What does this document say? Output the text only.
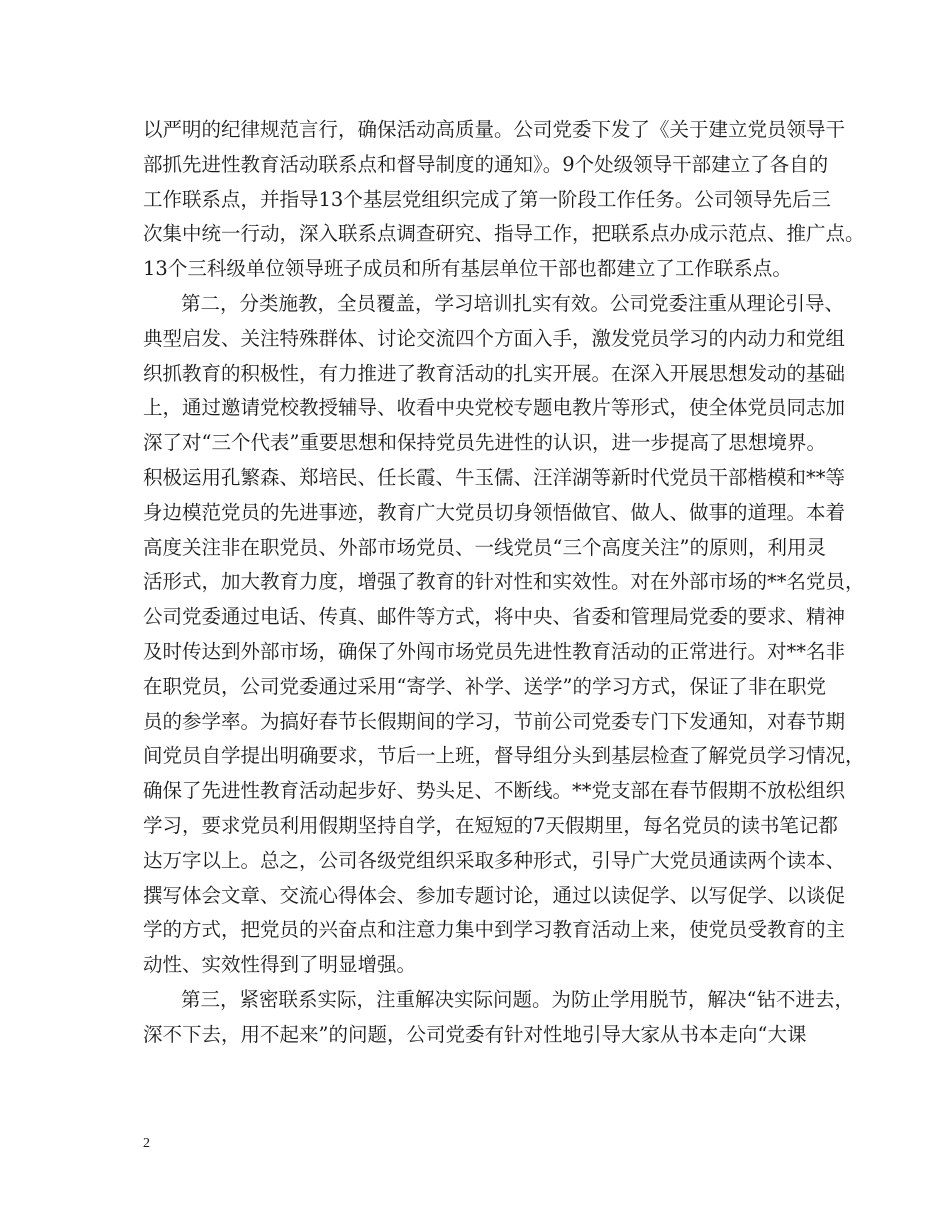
以严明的纪律规范言行，确保活动高质量。公司党委下发了《关于建立党员领导干
部抓先进性教育活动联系点和督导制度的通知》。9个处级领导干部建立了各自的
工作联系点，并指导13个基层党组织完成了第一阶段工作任务。公司领导先后三
次集中统一行动，深入联系点调查研究、指导工作，把联系点办成示范点、推广点。
13个三科级单位领导班子成员和所有基层单位干部也都建立了工作联系点。
第二，分类施教，全员覆盖，学习培训扎实有效。公司党委注重从理论引导、
典型启发、关注特殊群体、讨论交流四个方面入手，激发党员学习的内动力和党组
织抓教育的积极性，有力推进了教育活动的扎实开展。在深入开展思想发动的基础
上，通过邀请党校教授辅导、收看中央党校专题电教片等形式，使全体党员同志加
深了对“三个代表”重要思想和保持党员先进性的认识，进一步提高了思想境界。
积极运用孔繁森、郑培民、任长霞、牛玉儒、汪洋湖等新时代党员干部楷模和**等
身边模范党员的先进事迹，教育广大党员切身领悟做官、做人、做事的道理。本着
高度关注非在职党员、外部市场党员、一线党员“三个高度关注”的原则，利用灵
活形式，加大教育力度，增强了教育的针对性和实效性。对在外部市场的**名党员，
公司党委通过电话、传真、邮件等方式，将中央、省委和管理局党委的要求、精神
及时传达到外部市场，确保了外闯市场党员先进性教育活动的正常进行。对**名非
在职党员，公司党委通过采用“寄学、补学、送学”的学习方式，保证了非在职党
员的参学率。为搞好春节长假期间的学习，节前公司党委专门下发通知，对春节期
间党员自学提出明确要求，节后一上班，督导组分头到基层检查了解党员学习情况，
确保了先进性教育活动起步好、势头足、不断线。**党支部在春节假期不放松组织
学习，要求党员利用假期坚持自学，在短短的7天假期里，每名党员的读书笔记都
达万字以上。总之，公司各级党组织采取多种形式，引导广大党员通读两个读本、
撰写体会文章、交流心得体会、参加专题讨论，通过以读促学、以写促学、以谈促
学的方式，把党员的兴奋点和注意力集中到学习教育活动上来，使党员受教育的主
动性、实效性得到了明显增强。
第三，紧密联系实际，注重解决实际问题。为防止学用脱节，解决“钻不进去，
深不下去，用不起来”的问题，公司党委有针对性地引导大家从书本走向“大课
2
